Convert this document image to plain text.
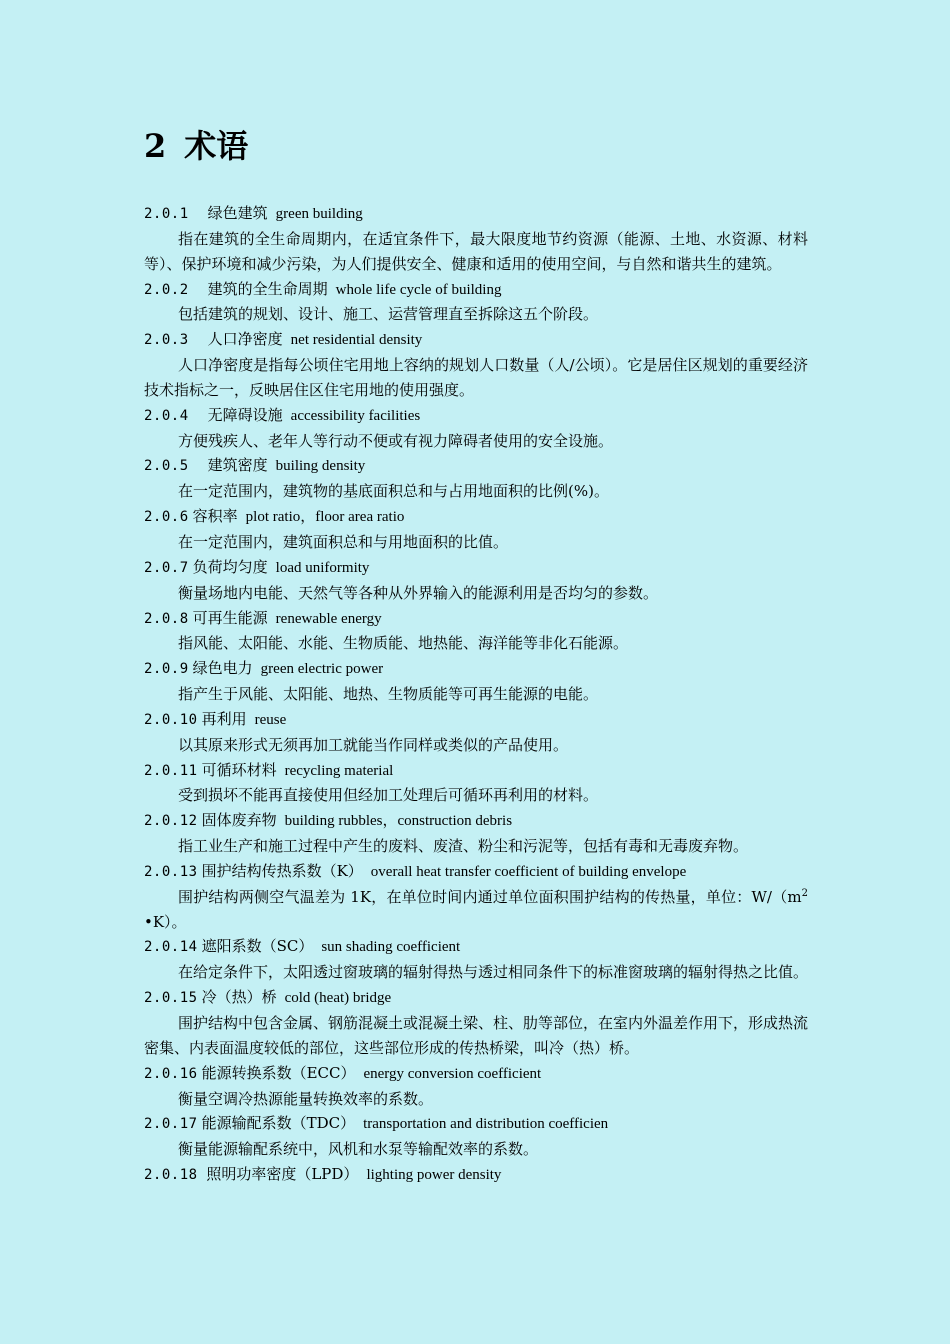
2 术语
2.0.1　绿色建筑 green building
指在建筑的全生命周期内，在适宜条件下，最大限度地节约资源（能源、土地、水资源、材料等）、保护环境和减少污染，为人们提供安全、健康和适用的使用空间，与自然和谐共生的建筑。
2.0.2　建筑的全生命周期 whole life cycle of building
包括建筑的规划、设计、施工、运营管理直至拆除这五个阶段。
2.0.3　人口净密度 net residential density
人口净密度是指每公顷住宅用地上容纳的规划人口数量（人/公顷）。它是居住区规划的重要经济技术指标之一，反映居住区住宅用地的使用强度。
2.0.4　无障碍设施 accessibility facilities
方便残疾人、老年人等行动不便或有视力障碍者使用的安全设施。
2.0.5　建筑密度 builing density
在一定范围内，建筑物的基底面积总和与占用地面积的比例(%)。
2.0.6 容积率 plot ratio，floor area ratio
在一定范围内，建筑面积总和与用地面积的比值。
2.0.7 负荷均匀度 load uniformity
衡量场地内电能、天然气等各种从外界输入的能源利用是否均匀的参数。
2.0.8 可再生能源 renewable energy
指风能、太阳能、水能、生物质能、地热能、海洋能等非化石能源。
2.0.9 绿色电力 green electric power
指产生于风能、太阳能、地热、生物质能等可再生能源的电能。
2.0.10 再利用 reuse
以其原来形式无须再加工就能当作同样或类似的产品使用。
2.0.11 可循环材料 recycling material
受到损坏不能再直接使用但经加工处理后可循环再利用的材料。
2.0.12 固体废弃物 building rubbles，construction debris
指工业生产和施工过程中产生的废料、废渣、粉尘和污泥等，包括有毒和无毒废弃物。
2.0.13 围护结构传热系数（K） overall heat transfer coefficient of building envelope
围护结构两侧空气温差为 1K，在单位时间内通过单位面积围护结构的传热量，单位：$W/(m^2$ •K）。
2.0.14 遮阳系数（SC） sun shading coefficient
在给定条件下，太阳透过窗玻璃的辐射得热与透过相同条件下的标准窗玻璃的辐射得热之比值。
2.0.15 冷（热）桥 cold (heat) bridge
围护结构中包含金属、钢筋混凝土或混凝土梁、柱、肋等部位，在室内外温差作用下，形成热流密集、内表面温度较低的部位，这些部位形成的传热桥梁，叫冷（热）桥。
2.0.16 能源转换系数（ECC） energy conversion coefficient
衡量空调冷热源能量转换效率的系数。
2.0.17 能源输配系数（TDC） transportation and distribution coefficien
衡量能源输配系统中，风机和水泵等输配效率的系数。
2.0.18 照明功率密度（LPD） lighting power density
